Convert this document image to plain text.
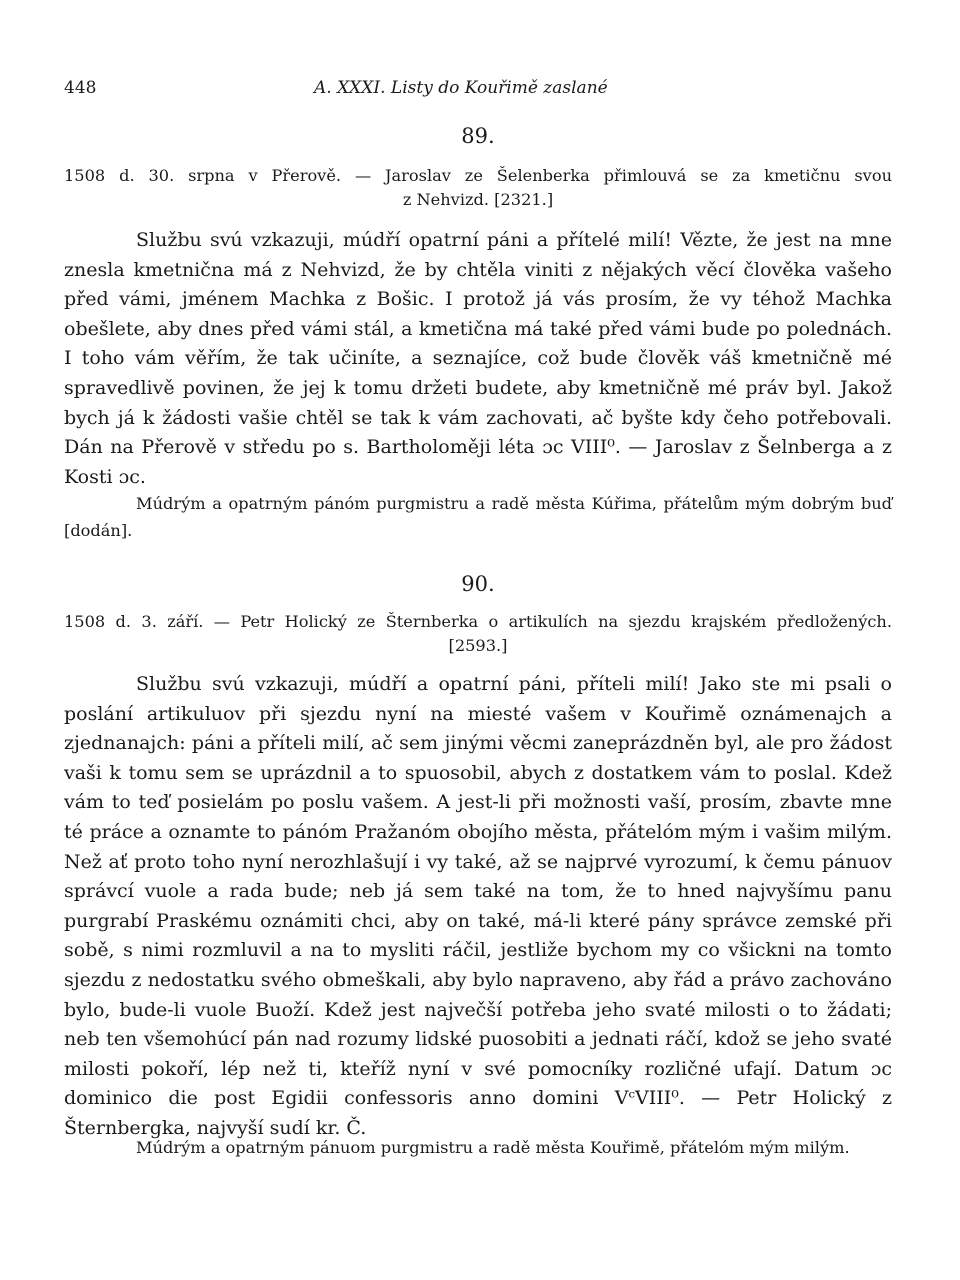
448	A. XXXI. Listy do Kouřimě zaslané
89.
1508 d. 30. srpna v Přerově. — Jaroslav ze Šelenberka přimlouvá se za kmetičnu svou
z Nehvizd. [2321.]
Službu svú vzkazuji, múdří opatrní páni a přítelé milí! Vězte, že jest na mne znesla kmetnična má z Nehvizd, že by chtěla viniti z nějakých věcí člověka vašeho před vámi, jménem Machka z Bošic. I protož já vás prosím, že vy téhož Machka obešlete, aby dnes před vámi stál, a kmetična má také před vámi bude po polednách. I toho vám věřím, že tak učiníte, a seznajíce, což bude člověk váš kmetničně mé spravedlivě povinen, že jej k tomu držeti budete, aby kmetničně mé práv byl. Jakož bych já k žádosti vašie chtěl se tak k vám zachovati, ač byšte kdy čeho potřebovali. Dán na Přerově v středu po s. Bartholoměji léta ɔc VIII⁰. — Jaroslav z Šelnberga a z Kosti ɔc.
Múdrým a opatrným pánóm purgmistru a radě města Kúřima, přátelům mým dobrým buď [dodán].
90.
1508 d. 3. září. — Petr Holický ze Šternberka o artikulích na sjezdu krajském předložených.
[2593.]
Službu svú vzkazuji, múdří a opatrní páni, příteli milí! Jako ste mi psali o poslání artikuluov při sjezdu nyní na miesté vašem v Kouřimě oznámenajch a zjednanajch: páni a příteli milí, ač sem jinými věcmi zaneprázdněn byl, ale pro žádost vaši k tomu sem se uprázdnil a to spuosobil, abych z dostatkem vám to poslal. Kdež vám to teď posielám po poslu vašem. A jest-li při možnosti vaší, prosím, zbavte mne té práce a oznamte to pánóm Pražanóm obojího města, přátelóm mým i vašim milým. Než ať proto toho nyní nerozhlašují i vy také, až se najprvé vyrozumí, k čemu pánuov správcí vuole a rada bude; neb já sem také na tom, že to hned najvyšímu panu purgrabí Praskému oznámiti chci, aby on také, má-li které pány správce zemské při sobě, s nimi rozmluvil a na to mysliti ráčil, jestliže bychom my co všickni na tomto sjezdu z nedostatku svého obmeškali, aby bylo napraveno, aby řád a právo zachováno bylo, bude-li vuole Buoží. Kdež jest največší potřeba jeho svaté milosti o to žádati; neb ten všemohúcí pán nad rozumy lidské puosobiti a jednati ráčí, kdož se jeho svaté milosti pokoří, lép než ti, kteříž nyní v své pomocníky rozličné ufají. Datum ɔc dominico die post Egidii confessoris anno domini VᶜVIII⁰. — Petr Holický z Šternbergka, najvyší sudí kr. Č.
Múdrým a opatrným pánuom purgmistru a radě města Kouřimě, přátelóm mým milým.
